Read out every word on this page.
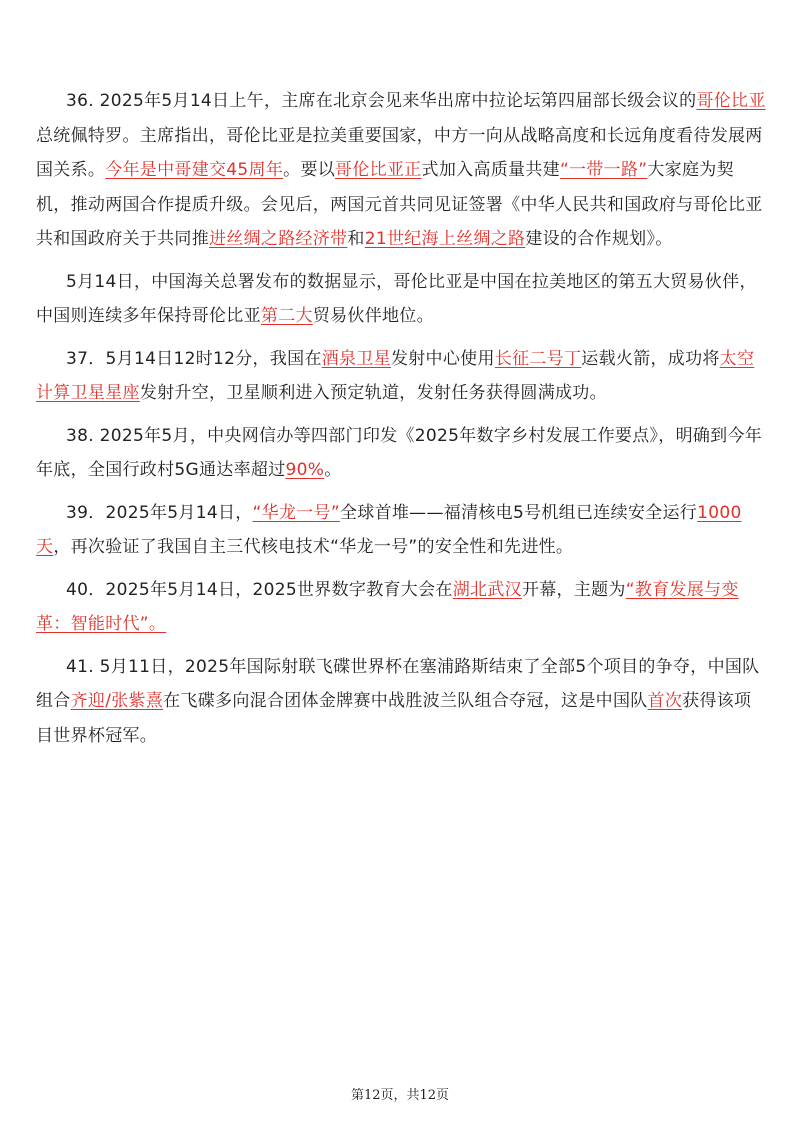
36. 2025年5月14日上午，主席在北京会见来华出席中拉论坛第四届部长级会议的哥伦比亚总统佩特罗。主席指出，哥伦比亚是拉美重要国家，中方一向从战略高度和长远角度看待发展两国关系。今年是中哥建交45周年。要以哥伦比亚正式加入高质量共建“一带一路”大家庭为契机，推动两国合作提质升级。会见后，两国元首共同见证签署《中华人民共和国政府与哥伦比亚共和国政府关于共同推进丝绸之路经济带和21世纪海上丝绸之路建设的合作规划》。

5月14日，中国海关总署发布的数据显示，哥伦比亚是中国在拉美地区的第五大贸易伙伴，中国则连续多年保持哥伦比亚第二大贸易伙伴地位。

37．5月14日12时12分，我国在酒泉卫星发射中心使用长征二号丁运载火箭，成功将太空计算卫星星座发射升空，卫星顺利进入预定轨道，发射任务获得圆满成功。

38. 2025年5月，中央网信办等四部门印发《2025年数字乡村发展工作要点》，明确到今年年底，全国行政村5G通达率超过90%。

39．2025年5月14日，“华龙一号”全球首堆——福清核电5号机组已连续安全运行1000天，再次验证了我国自主三代核电技术“华龙一号”的安全性和先进性。

40．2025年5月14日，2025世界数字教育大会在湖北武汉开幕，主题为“教育发展与变革：智能时代”。

41. 5月11日，2025年国际射联飞碟世界杯在塞浦路斯结束了全部5个项目的争夺，中国队组合齐迎/张紫熹在飞碟多向混合团体金牌赛中战胜波兰队组合夺冠，这是中国队首次获得该项目世界杯冠军。

第12页，共12页
